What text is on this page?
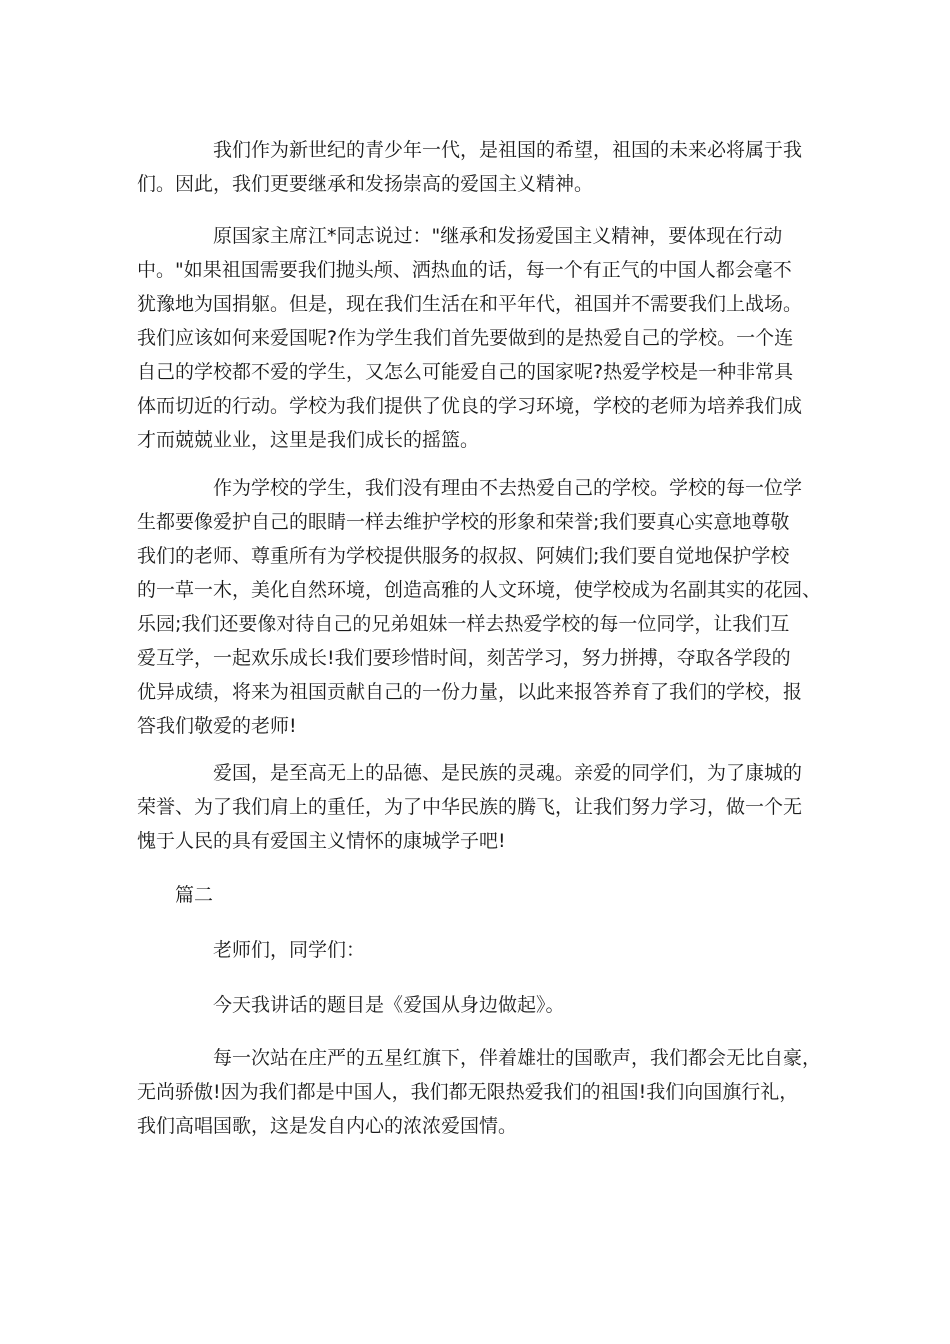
我们作为新世纪的青少年一代，是祖国的希望，祖国的未来必将属于我
们。因此，我们更要继承和发扬崇高的爱国主义精神。

原国家主席江*同志说过："继承和发扬爱国主义精神，要体现在行动
中。"如果祖国需要我们抛头颅、洒热血的话，每一个有正气的中国人都会毫不
犹豫地为国捐躯。但是，现在我们生活在和平年代，祖国并不需要我们上战场。
我们应该如何来爱国呢?作为学生我们首先要做到的是热爱自己的学校。一个连
自己的学校都不爱的学生，又怎么可能爱自己的国家呢?热爱学校是一种非常具
体而切近的行动。学校为我们提供了优良的学习环境，学校的老师为培养我们成
才而兢兢业业，这里是我们成长的摇篮。

作为学校的学生，我们没有理由不去热爱自己的学校。学校的每一位学
生都要像爱护自己的眼睛一样去维护学校的形象和荣誉;我们要真心实意地尊敬
我们的老师、尊重所有为学校提供服务的叔叔、阿姨们;我们要自觉地保护学校
的一草一木，美化自然环境，创造高雅的人文环境，使学校成为名副其实的花园、
乐园;我们还要像对待自己的兄弟姐妹一样去热爱学校的每一位同学，让我们互
爱互学，一起欢乐成长!我们要珍惜时间，刻苦学习，努力拼搏，夺取各学段的
优异成绩，将来为祖国贡献自己的一份力量，以此来报答养育了我们的学校，报
答我们敬爱的老师!

爱国，是至高无上的品德、是民族的灵魂。亲爱的同学们，为了康城的
荣誉、为了我们肩上的重任，为了中华民族的腾飞，让我们努力学习，做一个无
愧于人民的具有爱国主义情怀的康城学子吧!

篇二

老师们，同学们：

今天我讲话的题目是《爱国从身边做起》。

每一次站在庄严的五星红旗下，伴着雄壮的国歌声，我们都会无比自豪，
无尚骄傲!因为我们都是中国人，我们都无限热爱我们的祖国!我们向国旗行礼，
我们高唱国歌，这是发自内心的浓浓爱国情。
